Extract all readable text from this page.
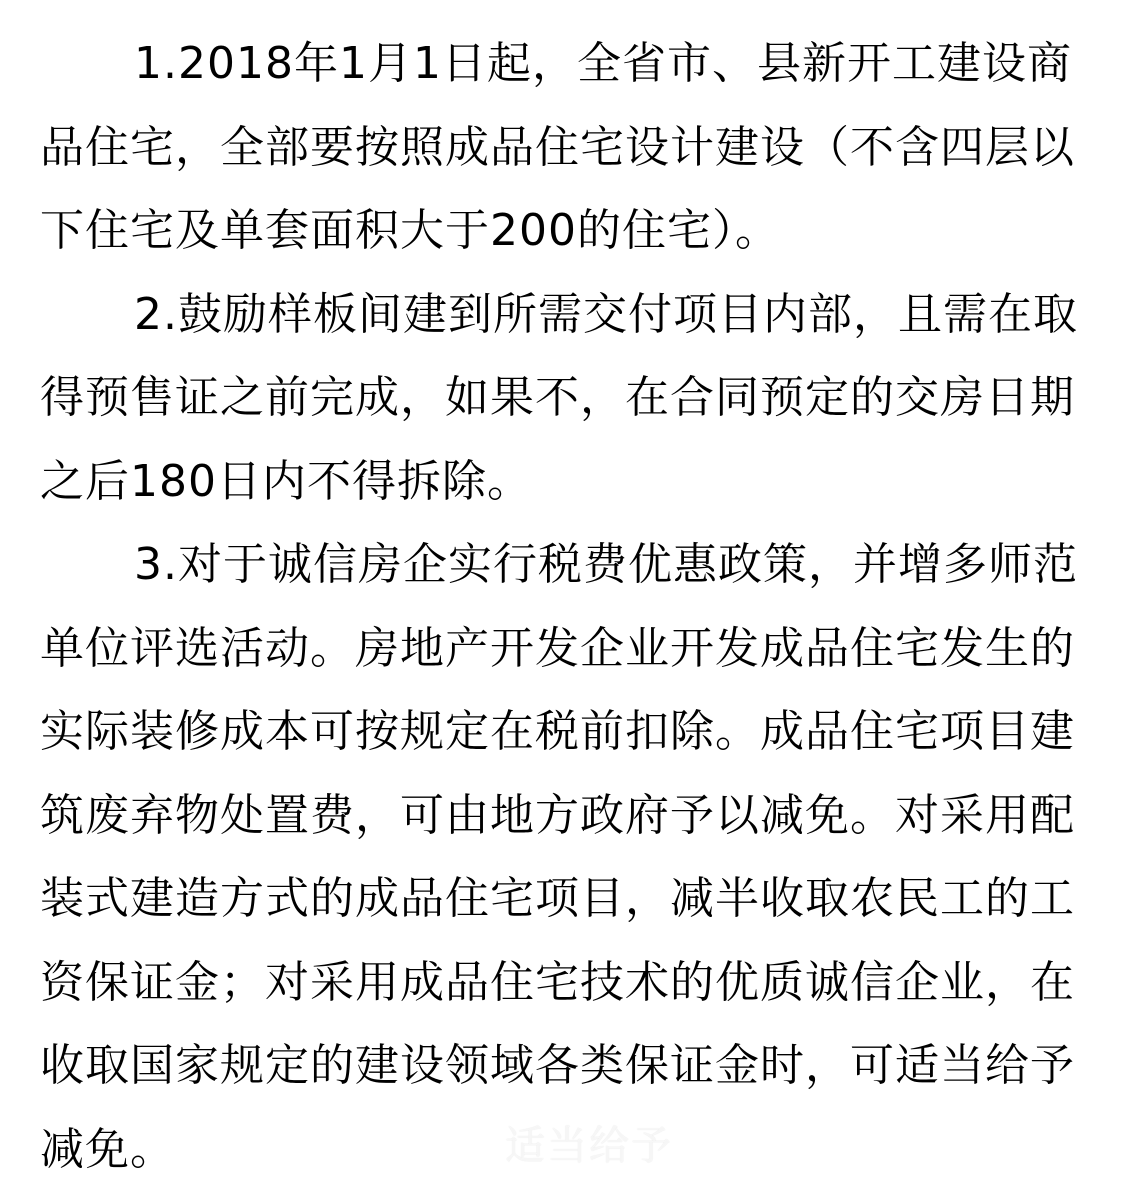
1.2018年1月1日起，全省市、县新开工建设商品住宅，全部要按照成品住宅设计建设（不含四层以下住宅及单套面积大于200的住宅）。

2.鼓励样板间建到所需交付项目内部，且需在取得预售证之前完成，如果不，在合同预定的交房日期之后180日内不得拆除。

3.对于诚信房企实行税费优惠政策，并增多师范单位评选活动。房地产开发企业开发成品住宅发生的实际装修成本可按规定在税前扣除。成品住宅项目建筑废弃物处置费，可由地方政府予以减免。对采用配装式建造方式的成品住宅项目，减半收取农民工的工资保证金；对采用成品住宅技术的优质诚信企业，在收取国家规定的建设领域各类保证金时，可适当给予减免。	适当给予
